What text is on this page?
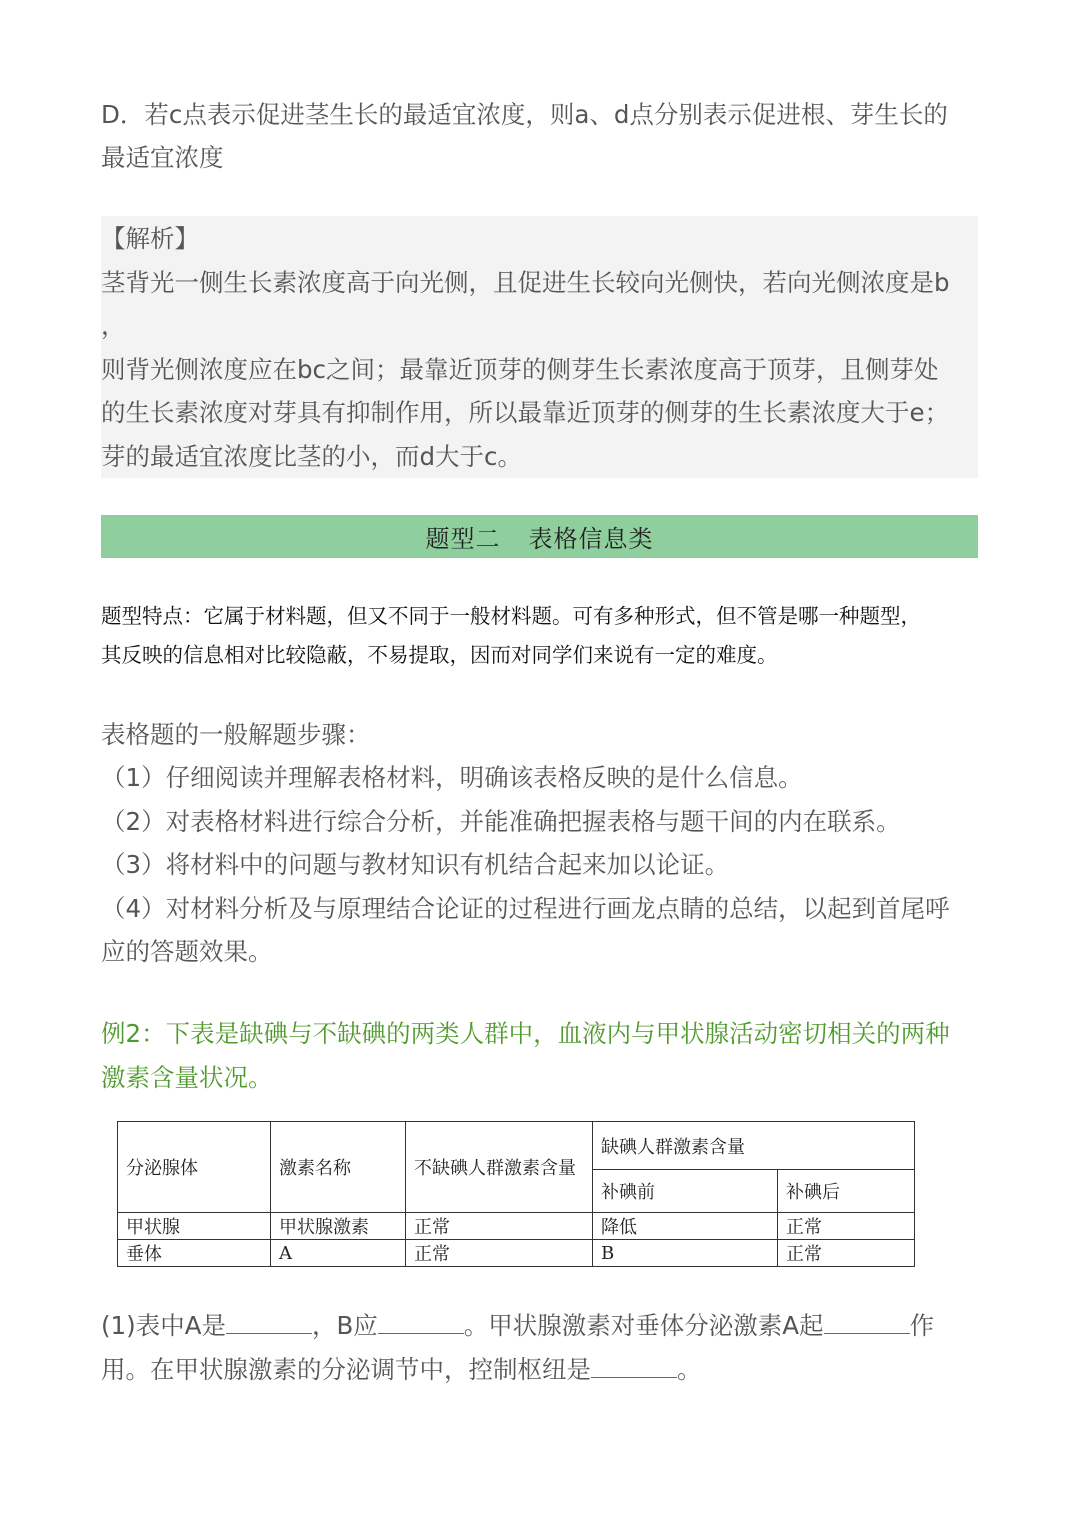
D．若c点表示促进茎生长的最适宜浓度，则a、d点分别表示促进根、芽生长的

最适宜浓度

【解析】

茎背光一侧生长素浓度高于向光侧，且促进生长较向光侧快，若向光侧浓度是b

，

则背光侧浓度应在bc之间；最靠近顶芽的侧芽生长素浓度高于顶芽，且侧芽处

的生长素浓度对芽具有抑制作用，所以最靠近顶芽的侧芽的生长素浓度大于e；

芽的最适宜浓度比茎的小，而d大于c。

题型二 表格信息类

题型特点：它属于材料题，但又不同于一般材料题。可有多种形式，但不管是哪一种题型，

其反映的信息相对比较隐蔽，不易提取，因而对同学们来说有一定的难度。

表格题的一般解题步骤：

（1）仔细阅读并理解表格材料，明确该表格反映的是什么信息。

（2）对表格材料进行综合分析，并能准确把握表格与题干间的内在联系。

（3）将材料中的问题与教材知识有机结合起来加以论证。

（4）对材料分析及与原理结合论证的过程进行画龙点睛的总结，以起到首尾呼

应的答题效果。

例2：下表是缺碘与不缺碘的两类人群中，血液内与甲状腺活动密切相关的两种

激素含量状况。

分泌腺体	激素名称	不缺碘人群激素含量	缺碘人群激素含量	
			补碘前	补碘后
甲状腺	甲状腺激素	正常	降低	正常
垂体	A	正常	B	正常

(1)表中A是	，B应	。甲状腺激素对垂体分泌激素A起	作

用。在甲状腺激素的分泌调节中，控制枢纽是	。
